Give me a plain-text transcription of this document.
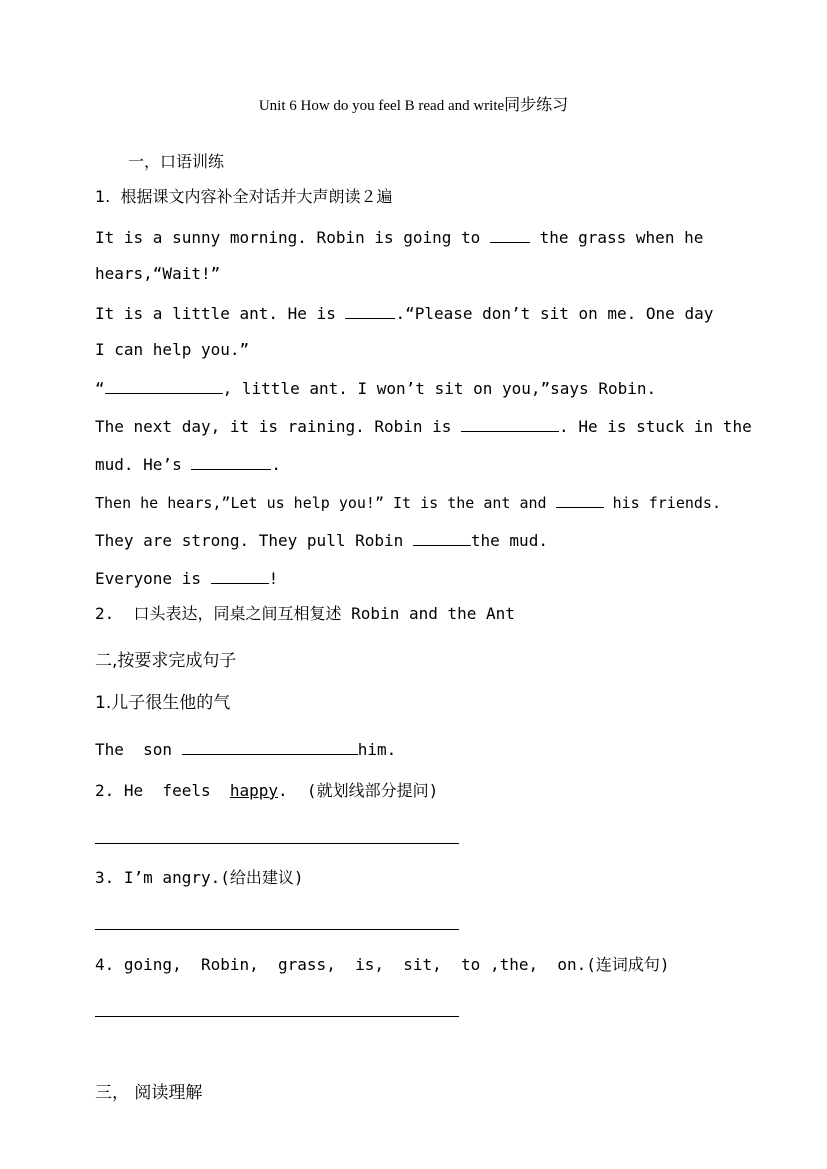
Unit 6 How do you feel B read and write同步练习
一，口语训练
1.  根据课文内容补全对话并大声朗读２遍
It is a sunny morning. Robin is going to	the grass when he
hears,“Wait!”
It is a little ant. He is	.“Please don’t sit on me. One day
I can help you.”
“	, little ant. I won’t sit on you,”says Robin.
The next day, it is raining. Robin is	. He is stuck in the
mud. He’s	.
Then he hears,”Let us help you!” It is the ant and	his friends.
They are strong. They pull Robin	the mud.
Everyone is	!
2.  口头表达，同桌之间互相复述 Robin and the Ant
二,按要求完成句子
1.儿子很生他的气
The  son	him.
2. He  feels  happy.  (就划线部分提问)
3. I’m angry.(给出建议)
4. going,  Robin,  grass,  is,  sit,  to ,the,  on.(连词成句)
三， 阅读理解
